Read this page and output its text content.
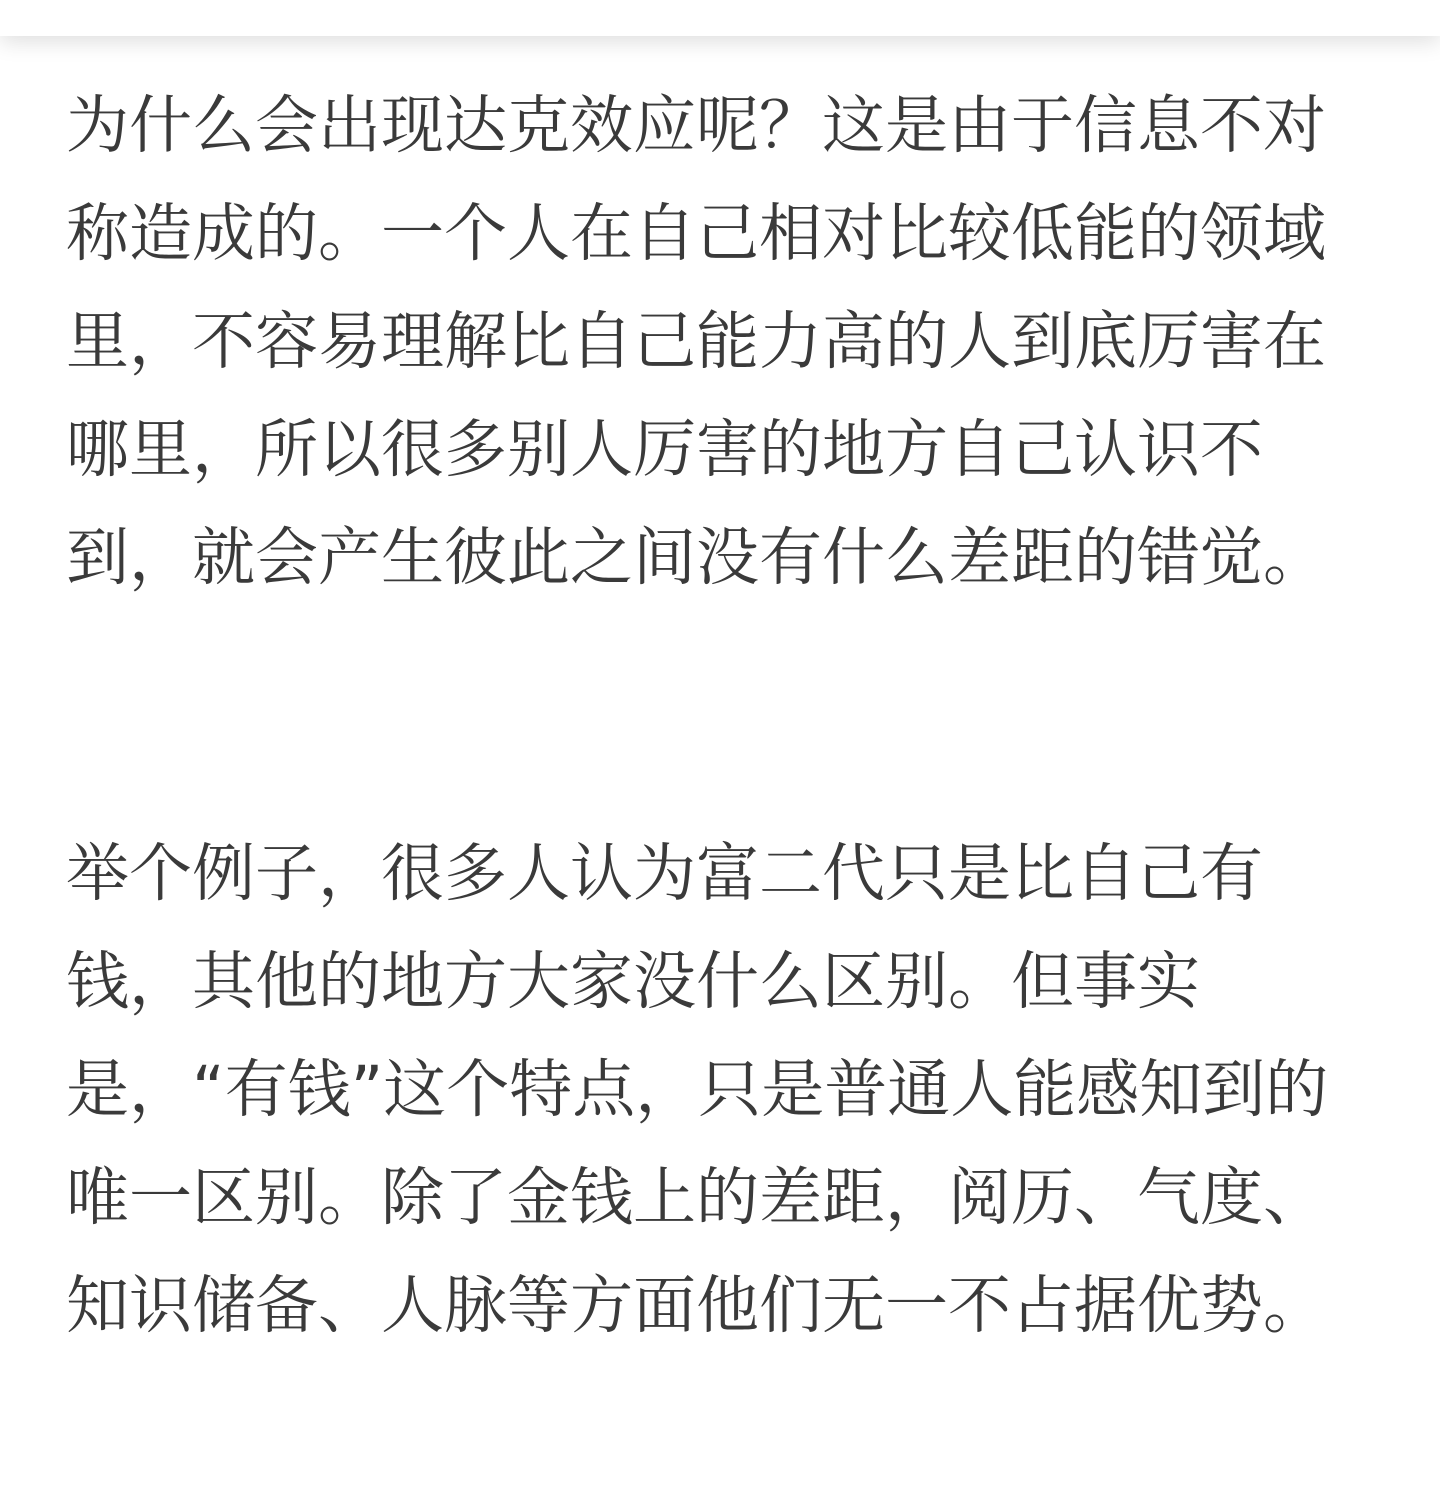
为什么会出现达克效应呢？这是由于信息不对
称造成的。一个人在自己相对比较低能的领域
里，不容易理解比自己能力高的人到底厉害在
哪里，所以很多别人厉害的地方自己认识不
到，就会产生彼此之间没有什么差距的错觉。
举个例子，很多人认为富二代只是比自己有
钱，其他的地方大家没什么区别。但事实
是，“有钱”这个特点，只是普通人能感知到的
唯一区别。除了金钱上的差距，阅历、气度、
知识储备、人脉等方面他们无一不占据优势。
